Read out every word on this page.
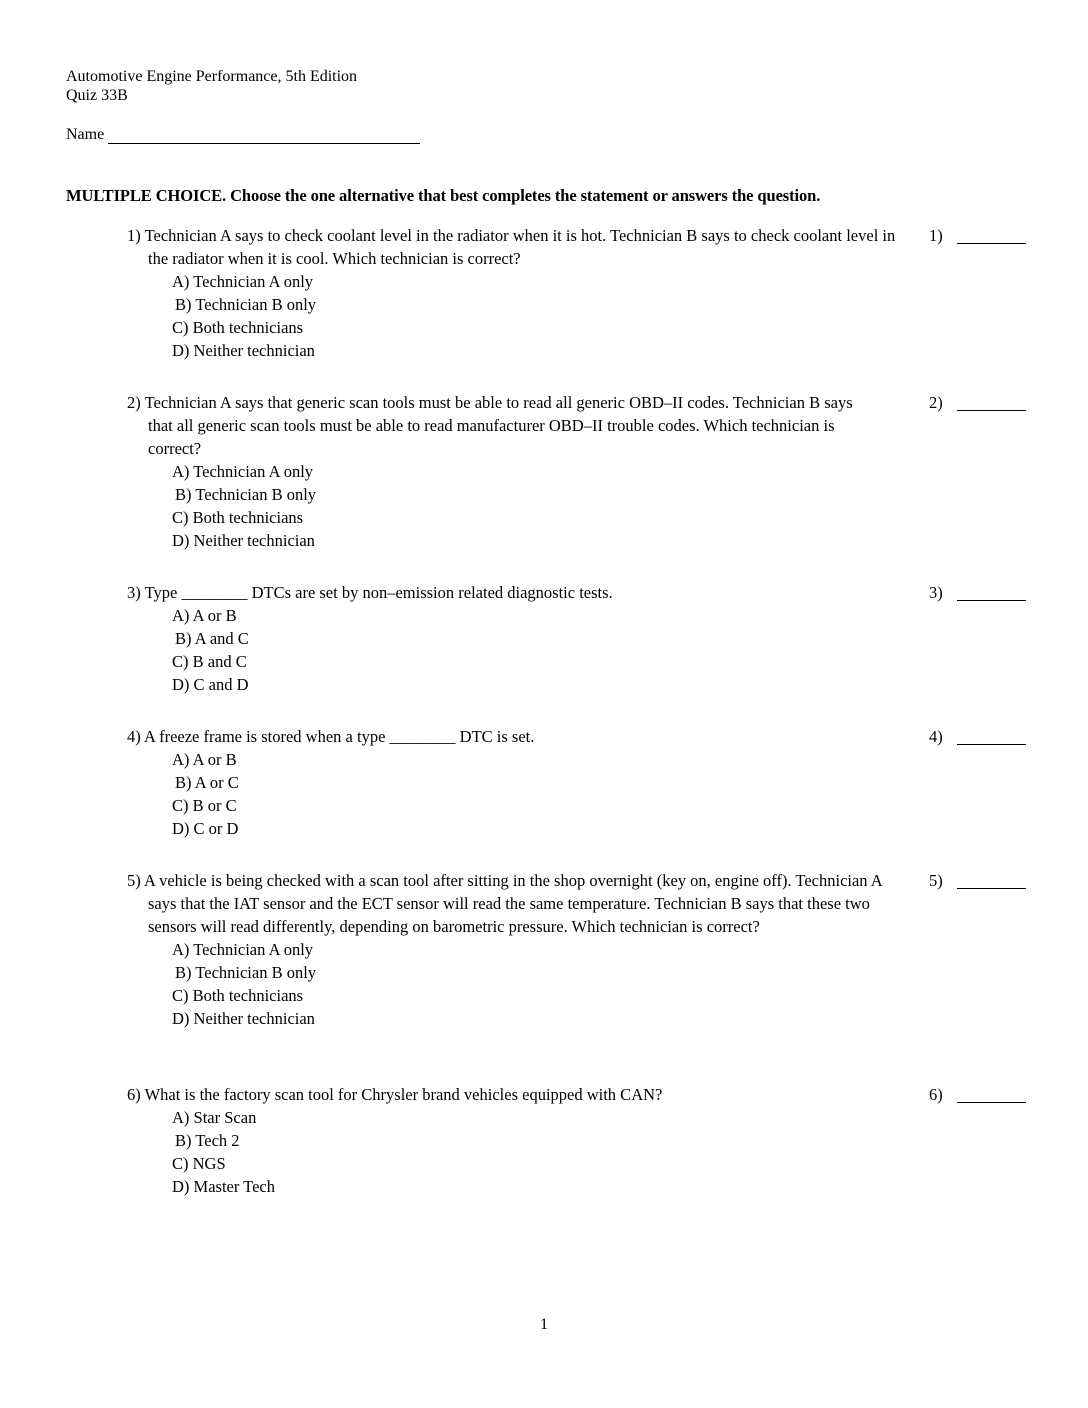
Automotive Engine Performance, 5th Edition
Quiz 33B
Name
MULTIPLE CHOICE. Choose the one alternative that best completes the statement or answers the question.
1) Technician A says to check coolant level in the radiator when it is hot. Technician B says to check coolant level in the radiator when it is cool. Which technician is correct?
A) Technician A only
B) Technician B only
C) Both technicians
D) Neither technician
1)
2) Technician A says that generic scan tools must be able to read all generic OBD–II codes. Technician B says that all generic scan tools must be able to read manufacturer OBD–II trouble codes. Which technician is correct?
A) Technician A only
B) Technician B only
C) Both technicians
D) Neither technician
2)
3) Type ________ DTCs are set by non–emission related diagnostic tests.
A) A or B
B) A and C
C) B and C
D) C and D
3)
4) A freeze frame is stored when a type ________ DTC is set.
A) A or B
B) A or C
C) B or C
D) C or D
4)
5) A vehicle is being checked with a scan tool after sitting in the shop overnight (key on, engine off). Technician A says that the IAT sensor and the ECT sensor will read the same temperature. Technician B says that these two sensors will read differently, depending on barometric pressure. Which technician is correct?
A) Technician A only
B) Technician B only
C) Both technicians
D) Neither technician
5)
6) What is the factory scan tool for Chrysler brand vehicles equipped with CAN?
A) Star Scan
B) Tech 2
C) NGS
D) Master Tech
6)
1
